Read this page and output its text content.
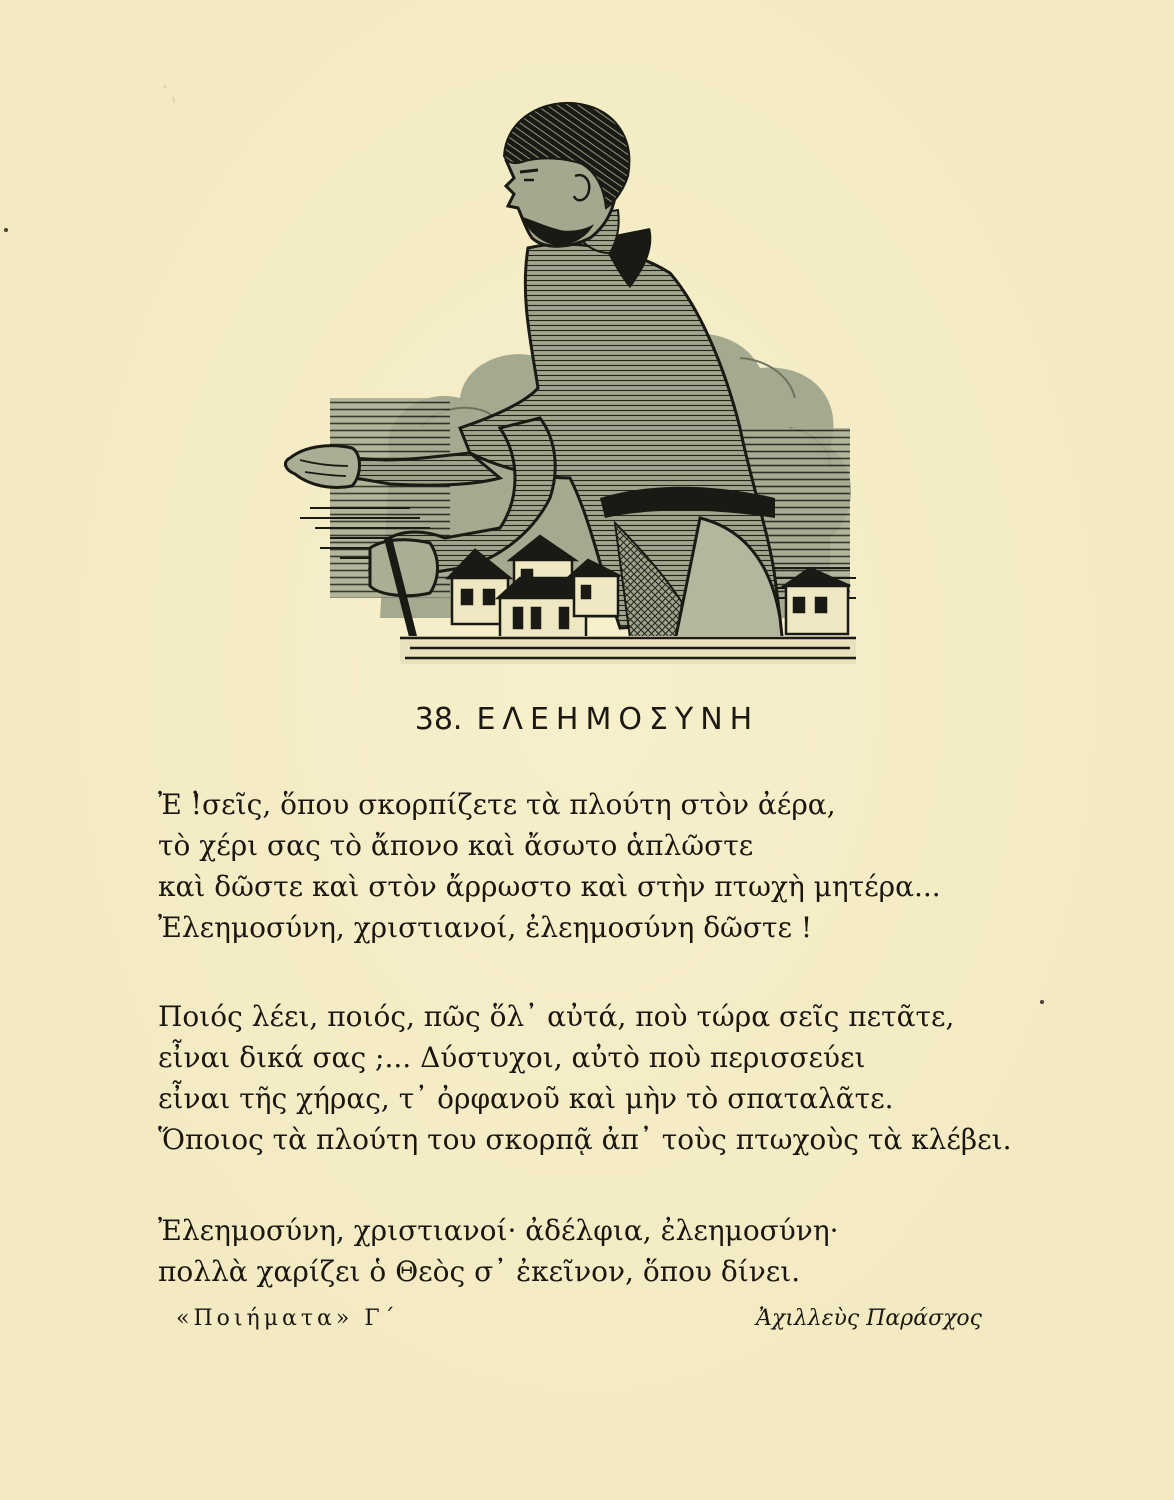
͵·
38. ΕΛΕΗΜΟΣΥΝΗ
Ἐ !̓σεῖς, ὅπου σκορπίζετε τὰ πλούτη στὸν ἀέρα,
τὸ χέρι σας τὸ ἄπονο καὶ ἄσωτο ἁπλῶστε
καὶ δῶστε καὶ στὸν ἄρρωστο καὶ στὴν πτωχὴ μητέρα...
Ἐλεημοσύνη, χριστιανοί, ἐλεημοσύνη δῶστε !
Ποιός λέει, ποιός, πῶς ὅλ᾽ αὐτά, ποὺ τώρα σεῖς πετᾶτε,
εἶναι δικά σας ;... Δύστυχοι, αὐτὸ ποὺ περισσεύει
εἶναι τῆς χήρας, τ᾽ ὀρφανοῦ καὶ μὴν τὸ σπαταλᾶτε.
Ὅποιος τὰ πλούτη του σκορπᾷ ἀπ᾽ τοὺς πτωχοὺς τὰ κλέβει.
Ἐλεημοσύνη, χριστιανοί· ἀδέλφια, ἐλεημοσύνη·
πολλὰ χαρίζει ὁ Θεὸς σ᾽ ἐκεῖνον, ὅπου δίνει.
«Ποιήματα» Γ΄	Ἀχιλλεὺς Παράσχος
